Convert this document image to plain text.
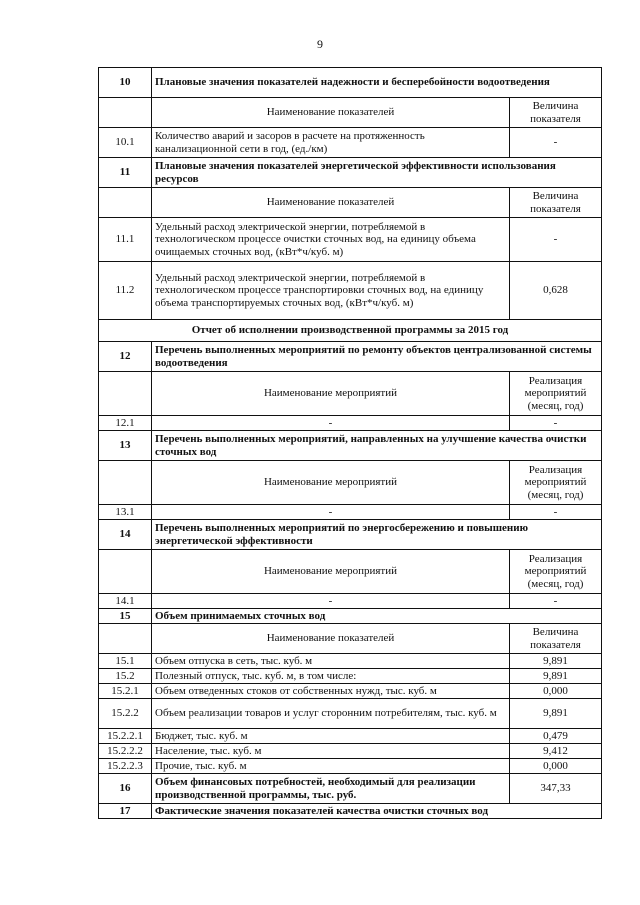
9
10	Плановые значения показателей надежности и бесперебойности водоотведения	
	Наименование показателей	Величина показателя
10.1	Количество аварий и засоров в расчете на протяженность канализационной сети в год, (ед./км)	-
11	Плановые значения показателей энергетической эффективности использования ресурсов	
	Наименование показателей	Величина показателя
11.1	Удельный расход электрической энергии, потребляемой в технологическом процессе очистки сточных вод, на единицу объема очищаемых сточных вод, (кВт*ч/куб. м)	-
11.2	Удельный расход электрической энергии, потребляемой в технологическом процессе транспортировки сточных вод, на единицу объема транспортируемых сточных вод, (кВт*ч/куб. м)	0,628
Отчет об исполнении производственной программы за 2015 год		
12	Перечень выполненных мероприятий по ремонту объектов централизованной системы водоотведения	
	Наименование мероприятий	Реализация мероприятий (месяц, год)
12.1	-	-
13	Перечень выполненных мероприятий, направленных на улучшение качества очистки сточных вод	
	Наименование мероприятий	Реализация мероприятий (месяц, год)
13.1	-	-
14	Перечень выполненных мероприятий по энергосбережению и повышению энергетической эффективности	
	Наименование мероприятий	Реализация мероприятий (месяц, год)
14.1	-	-
15	Объем принимаемых сточных вод	
	Наименование показателей	Величина показателя
15.1	Объем отпуска в сеть, тыс. куб. м	9,891
15.2	Полезный отпуск, тыс. куб. м, в том числе:	9,891
15.2.1	Объем отведенных стоков от собственных нужд, тыс. куб. м	0,000
15.2.2	Объем реализации товаров и услуг сторонним потребителям, тыс. куб. м	9,891
15.2.2.1	Бюджет, тыс. куб. м	0,479
15.2.2.2	Население, тыс. куб. м	9,412
15.2.2.3	Прочие, тыс. куб. м	0,000
16	Объем финансовых потребностей, необходимый для реализации производственной программы, тыс. руб.	347,33
17	Фактические значения показателей качества очистки сточных вод	
